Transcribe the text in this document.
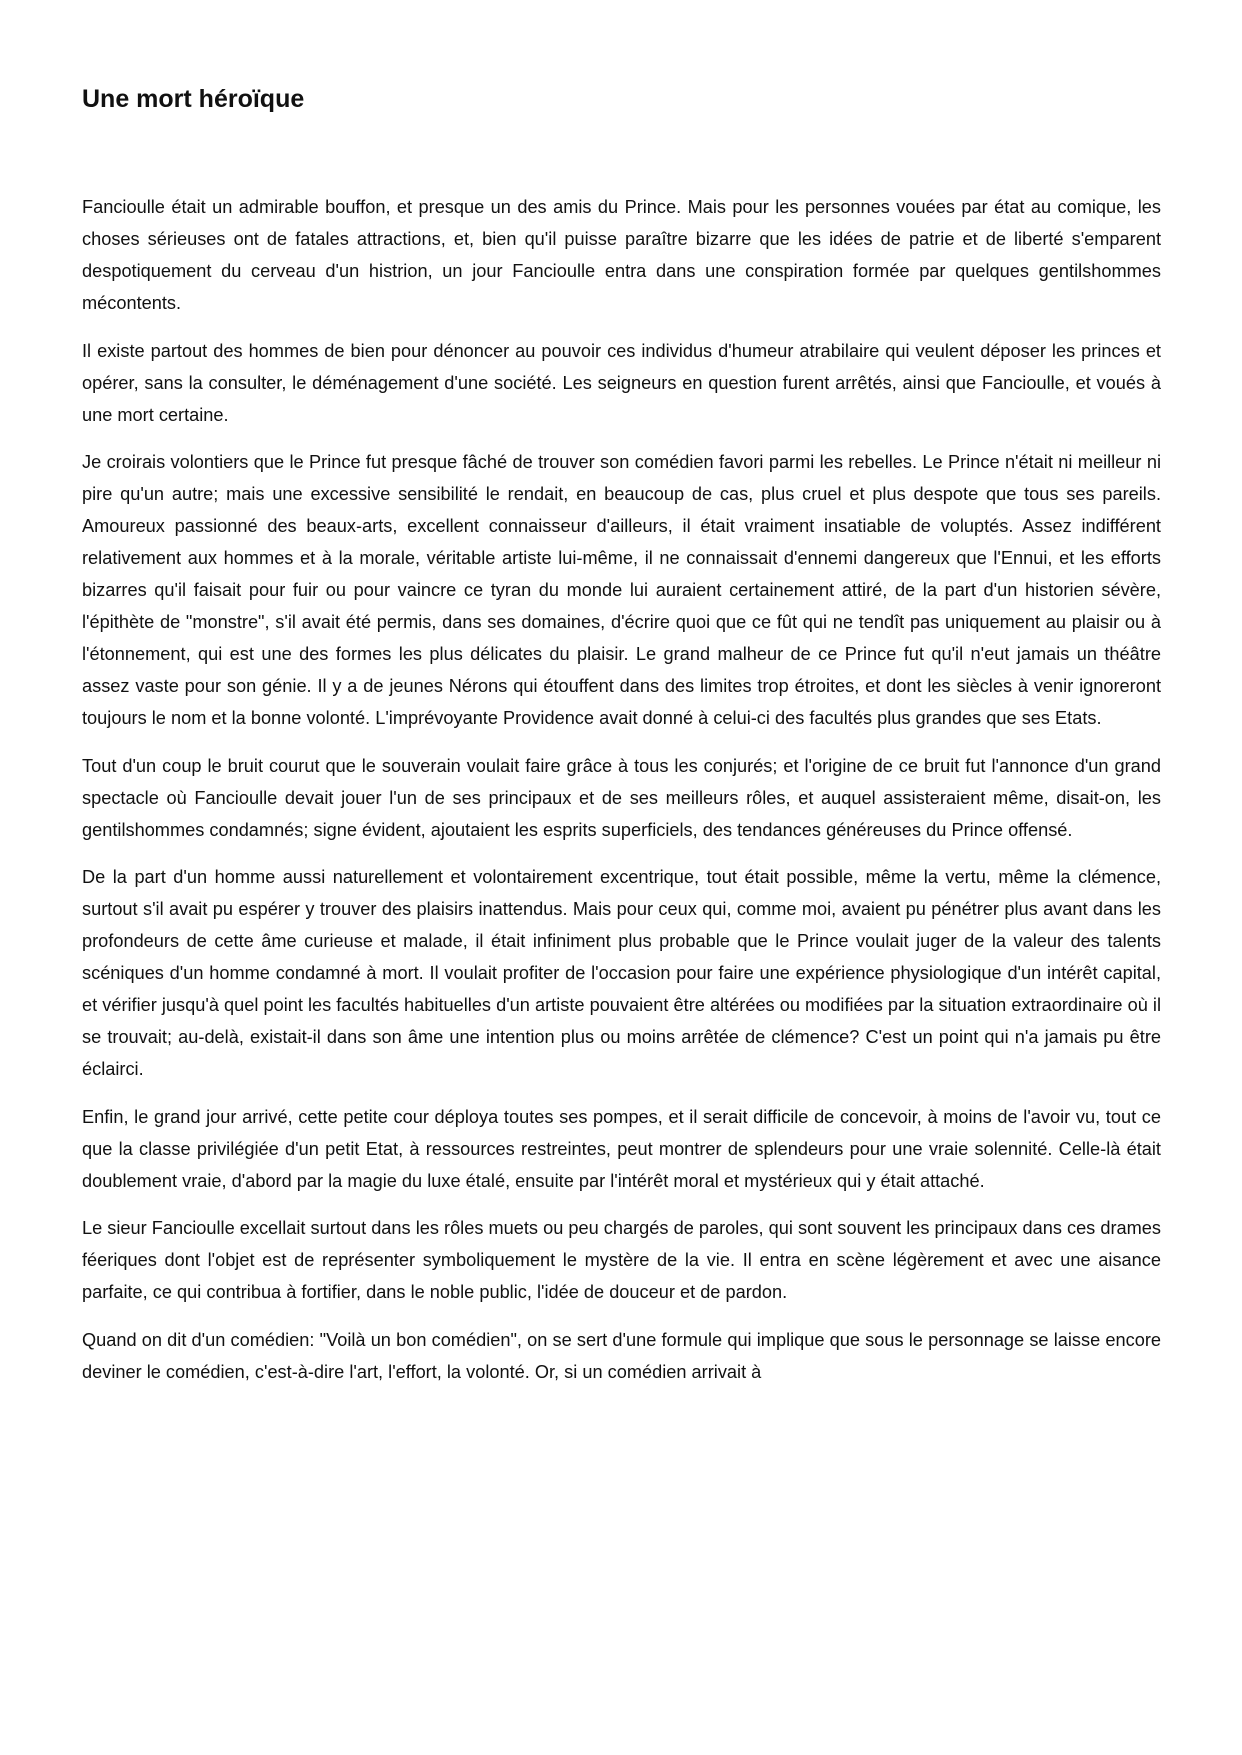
Une mort héroïque

Fancioulle était un admirable bouffon, et presque un des amis du Prince. Mais pour les personnes vouées par état au comique, les choses sérieuses ont de fatales attractions, et, bien qu'il puisse paraître bizarre que les idées de patrie et de liberté s'emparent despotiquement du cerveau d'un histrion, un jour Fancioulle entra dans une conspiration formée par quelques gentilshommes mécontents.

Il existe partout des hommes de bien pour dénoncer au pouvoir ces individus d'humeur atrabilaire qui veulent déposer les princes et opérer, sans la consulter, le déménagement d'une société. Les seigneurs en question furent arrêtés, ainsi que Fancioulle, et voués à une mort certaine.

Je croirais volontiers que le Prince fut presque fâché de trouver son comédien favori parmi les rebelles. Le Prince n'était ni meilleur ni pire qu'un autre; mais une excessive sensibilité le rendait, en beaucoup de cas, plus cruel et plus despote que tous ses pareils. Amoureux passionné des beaux-arts, excellent connaisseur d'ailleurs, il était vraiment insatiable de voluptés. Assez indifférent relativement aux hommes et à la morale, véritable artiste lui-même, il ne connaissait d'ennemi dangereux que l'Ennui, et les efforts bizarres qu'il faisait pour fuir ou pour vaincre ce tyran du monde lui auraient certainement attiré, de la part d'un historien sévère, l'épithète de "monstre", s'il avait été permis, dans ses domaines, d'écrire quoi que ce fût qui ne tendît pas uniquement au plaisir ou à l'étonnement, qui est une des formes les plus délicates du plaisir. Le grand malheur de ce Prince fut qu'il n'eut jamais un théâtre assez vaste pour son génie. Il y a de jeunes Nérons qui étouffent dans des limites trop étroites, et dont les siècles à venir ignoreront toujours le nom et la bonne volonté. L'imprévoyante Providence avait donné à celui-ci des facultés plus grandes que ses Etats.

Tout d'un coup le bruit courut que le souverain voulait faire grâce à tous les conjurés; et l'origine de ce bruit fut l'annonce d'un grand spectacle où Fancioulle devait jouer l'un de ses principaux et de ses meilleurs rôles, et auquel assisteraient même, disait-on, les gentilshommes condamnés; signe évident, ajoutaient les esprits superficiels, des tendances généreuses du Prince offensé.

De la part d'un homme aussi naturellement et volontairement excentrique, tout était possible, même la vertu, même la clémence, surtout s'il avait pu espérer y trouver des plaisirs inattendus. Mais pour ceux qui, comme moi, avaient pu pénétrer plus avant dans les profondeurs de cette âme curieuse et malade, il était infiniment plus probable que le Prince voulait juger de la valeur des talents scéniques d'un homme condamné à mort. Il voulait profiter de l'occasion pour faire une expérience physiologique d'un intérêt capital, et vérifier jusqu'à quel point les facultés habituelles d'un artiste pouvaient être altérées ou modifiées par la situation extraordinaire où il se trouvait; au-delà, existait-il dans son âme une intention plus ou moins arrêtée de clémence? C'est un point qui n'a jamais pu être éclairci.

Enfin, le grand jour arrivé, cette petite cour déploya toutes ses pompes, et il serait difficile de concevoir, à moins de l'avoir vu, tout ce que la classe privilégiée d'un petit Etat, à ressources restreintes, peut montrer de splendeurs pour une vraie solennité. Celle-là était doublement vraie, d'abord par la magie du luxe étalé, ensuite par l'intérêt moral et mystérieux qui y était attaché.

Le sieur Fancioulle excellait surtout dans les rôles muets ou peu chargés de paroles, qui sont souvent les principaux dans ces drames féeriques dont l'objet est de représenter symboliquement le mystère de la vie. Il entra en scène légèrement et avec une aisance parfaite, ce qui contribua à fortifier, dans le noble public, l'idée de douceur et de pardon.

Quand on dit d'un comédien: "Voilà un bon comédien", on se sert d'une formule qui implique que sous le personnage se laisse encore deviner le comédien, c'est-à-dire l'art, l'effort, la volonté. Or, si un comédien arrivait à
